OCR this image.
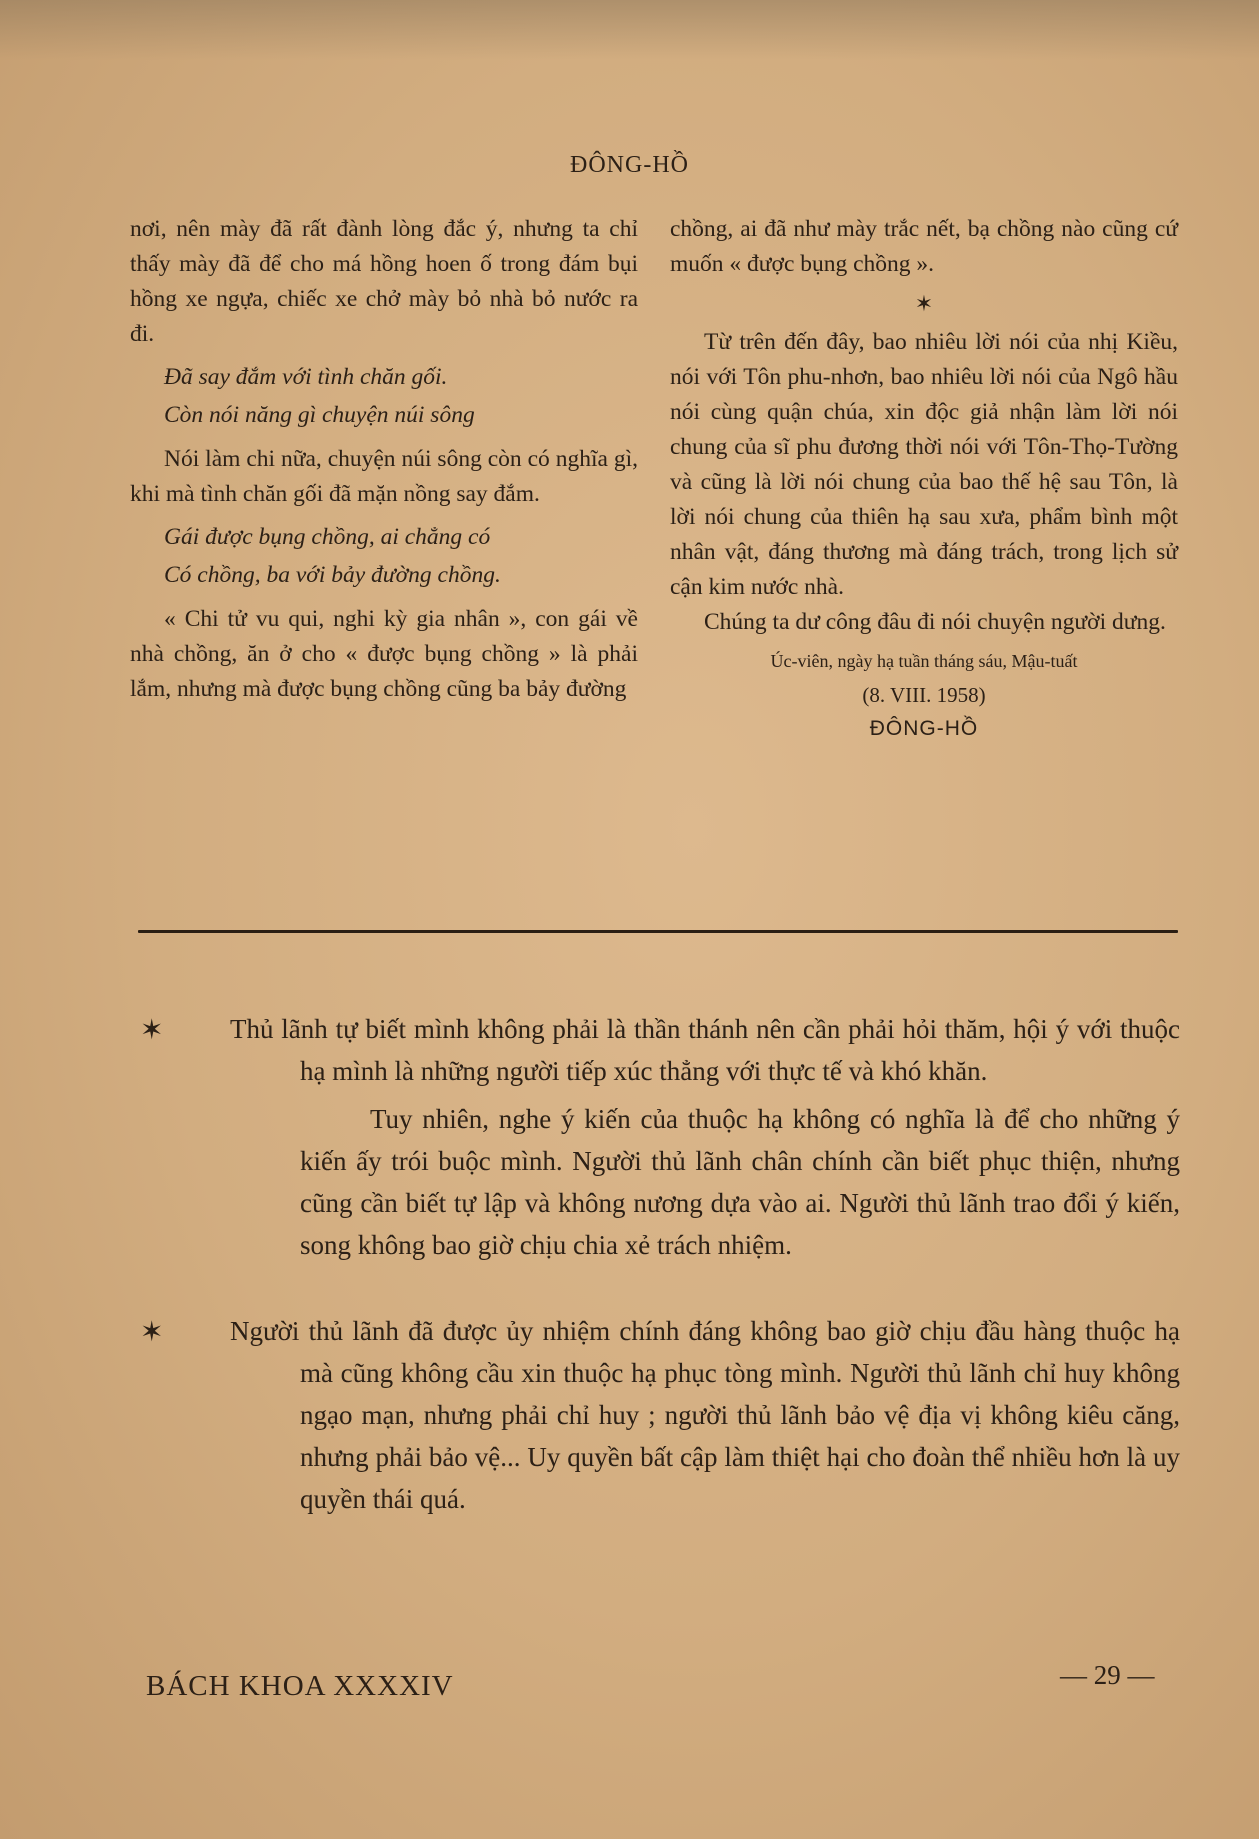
ĐÔNG-HỒ

nơi, nên mày đã rất đành lòng đắc ý, nhưng ta chỉ thấy mày đã để cho má hồng hoen ố trong đám bụi hồng xe ngựa, chiếc xe chở mày bỏ nhà bỏ nước ra đi.

Đã say đắm với tình chăn gối.
Còn nói năng gì chuyện núi sông

Nói làm chi nữa, chuyện núi sông còn có nghĩa gì, khi mà tình chăn gối đã mặn nồng say đắm.

Gái được bụng chồng, ai chẳng có
Có chồng, ba với bảy đường chồng.

« Chi tử vu qui, nghi kỳ gia nhân », con gái về nhà chồng, ăn ở cho « được bụng chồng » là phải lắm, nhưng mà được bụng chồng cũng ba bảy đường

chồng, ai đã như mày trắc nết, bạ chồng nào cũng cứ muốn « được bụng chồng ».

✶

Từ trên đến đây, bao nhiêu lời nói của nhị Kiều, nói với Tôn phu-nhơn, bao nhiêu lời nói của Ngô hầu nói cùng quận chúa, xin độc giả nhận làm lời nói chung của sĩ phu đương thời nói với Tôn-Thọ-Tường và cũng là lời nói chung của bao thế hệ sau Tôn, là lời nói chung của thiên hạ sau xưa, phẩm bình một nhân vật, đáng thương mà đáng trách, trong lịch sử cận kim nước nhà.

Chúng ta dư công đâu đi nói chuyện người dưng.

Úc-viên, ngày hạ tuần tháng sáu, Mậu-tuất
(8. VIII. 1958)
ĐÔNG-HỒ
✶ Thủ lãnh tự biết mình không phải là thần thánh nên cần phải hỏi thăm, hội ý với thuộc hạ mình là những người tiếp xúc thẳng với thực tế và khó khăn.

Tuy nhiên, nghe ý kiến của thuộc hạ không có nghĩa là để cho những ý kiến ấy trói buộc mình. Người thủ lãnh chân chính cần biết phục thiện, nhưng cũng cần biết tự lập và không nương dựa vào ai. Người thủ lãnh trao đổi ý kiến, song không bao giờ chịu chia xẻ trách nhiệm.

✶ Người thủ lãnh đã được ủy nhiệm chính đáng không bao giờ chịu đầu hàng thuộc hạ mà cũng không cầu xin thuộc hạ phục tòng mình. Người thủ lãnh chỉ huy không ngạo mạn, nhưng phải chỉ huy ; người thủ lãnh bảo vệ địa vị không kiêu căng, nhưng phải bảo vệ... Uy quyền bất cập làm thiệt hại cho đoàn thể nhiều hơn là uy quyền thái quá.

BÁCH KHOA XXXXIV	— 29 —
